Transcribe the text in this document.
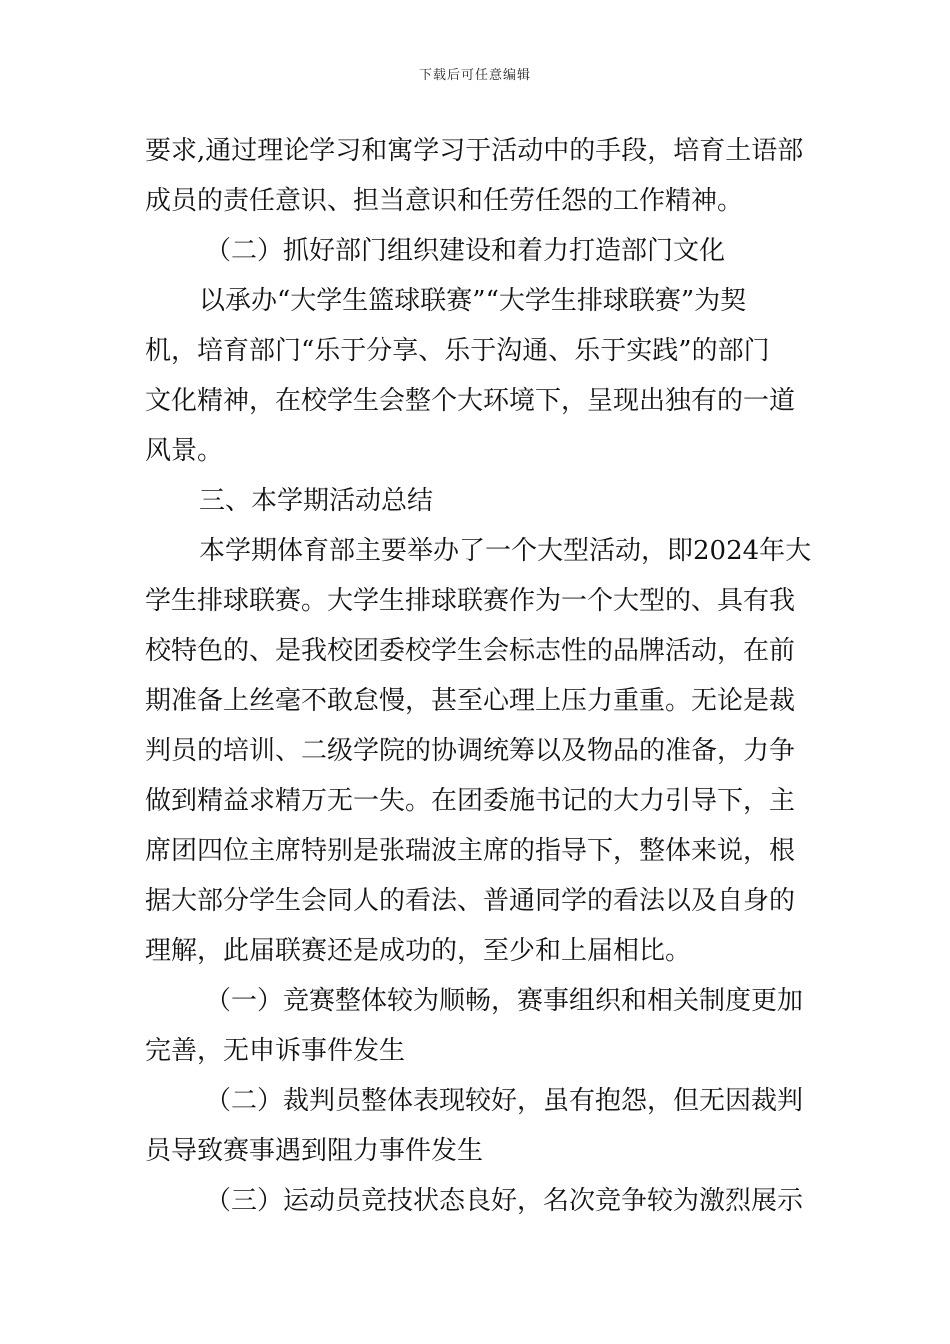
下载后可任意编辑
要求,通过理论学习和寓学习于活动中的手段，培育土语部
成员的责任意识、担当意识和任劳任怨的工作精神。
（二）抓好部门组织建设和着力打造部门文化
以承办“大学生篮球联赛”“大学生排球联赛”为契
机，培育部门“乐于分享、乐于沟通、乐于实践”的部门
文化精神，在校学生会整个大环境下，呈现出独有的一道
风景。
三、本学期活动总结
本学期体育部主要举办了一个大型活动，即2024年大
学生排球联赛。大学生排球联赛作为一个大型的、具有我
校特色的、是我校团委校学生会标志性的品牌活动，在前
期准备上丝毫不敢怠慢，甚至心理上压力重重。无论是裁
判员的培训、二级学院的协调统筹以及物品的准备，力争
做到精益求精万无一失。在团委施书记的大力引导下，主
席团四位主席特别是张瑞波主席的指导下，整体来说，根
据大部分学生会同人的看法、普通同学的看法以及自身的
理解，此届联赛还是成功的，至少和上届相比。
（一）竞赛整体较为顺畅，赛事组织和相关制度更加
完善，无申诉事件发生
（二）裁判员整体表现较好，虽有抱怨，但无因裁判
员导致赛事遇到阻力事件发生
（三）运动员竞技状态良好，名次竞争较为激烈展示
